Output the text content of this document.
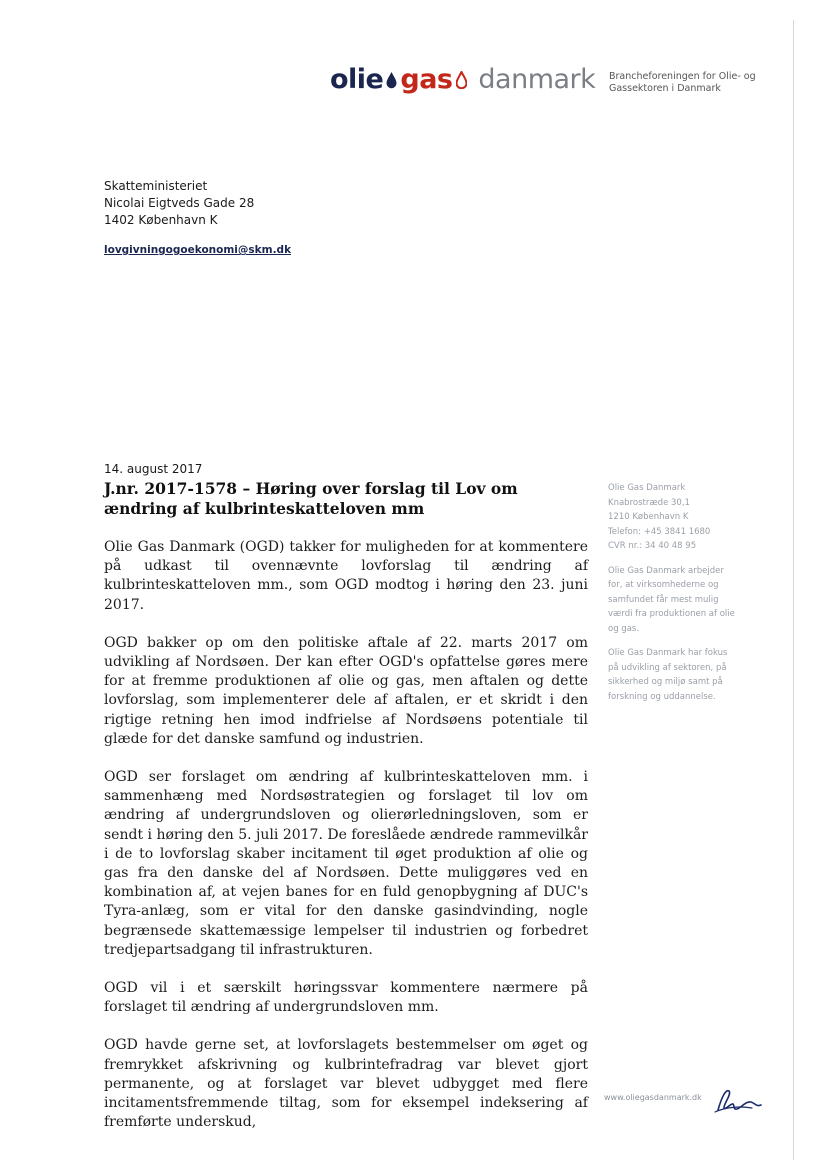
olie gas danmark Brancheforeningen for Olie- og
Gassektoren i Danmark
Skatteministeriet
Nicolai Eigtveds Gade 28
1402 København K
lovgivningogoekonomi@skm.dk
14. august 2017
J.nr. 2017-1578 – Høring over forslag til Lov om ændring af kulbrinteskatteloven mm

Olie Gas Danmark (OGD) takker for muligheden for at kommentere på udkast til ovennævnte lovforslag til ændring af kulbrinteskatteloven mm., som OGD modtog i høring den 23. juni 2017.

OGD bakker op om den politiske aftale af 22. marts 2017 om udvikling af Nordsøen. Der kan efter OGD's opfattelse gøres mere for at fremme produktionen af olie og gas, men aftalen og dette lovforslag, som implementerer dele af aftalen, er et skridt i den rigtige retning hen imod indfrielse af Nordsøens potentiale til glæde for det danske samfund og industrien.

OGD ser forslaget om ændring af kulbrinteskatteloven mm. i sammenhæng med Nordsøstrategien og forslaget til lov om ændring af undergrundsloven og olierørledningsloven, som er sendt i høring den 5. juli 2017. De foreslåede ændrede rammevilkår i de to lovforslag skaber incitament til øget produktion af olie og gas fra den danske del af Nordsøen. Dette muliggøres ved en kombination af, at vejen banes for en fuld genopbygning af DUC's Tyra-anlæg, som er vital for den danske gasindvinding, nogle begrænsede skattemæssige lempelser til industrien og forbedret tredjepartsadgang til infrastrukturen.

OGD vil i et særskilt høringssvar kommentere nærmere på forslaget til ændring af undergrundsloven mm.

OGD havde gerne set, at lovforslagets bestemmelser om øget og fremrykket afskrivning og kulbrintefradrag var blevet gjort permanente, og at forslaget var blevet udbygget med flere incitamentsfremmende tiltag, som for eksempel indeksering af fremførte underskud,

Olie Gas Danmark
Knabrostræde 30,1
1210 København K
Telefon: +45 3841 1680
CVR nr.: 34 40 48 95
Olie Gas Danmark arbejder for, at virksomhederne og samfundet får mest mulig værdi fra produktionen af olie og gas.
Olie Gas Danmark har fokus på udvikling af sektoren, på sikkerhed og miljø samt på forskning og uddannelse.
www.oliegasdanmark.dk
